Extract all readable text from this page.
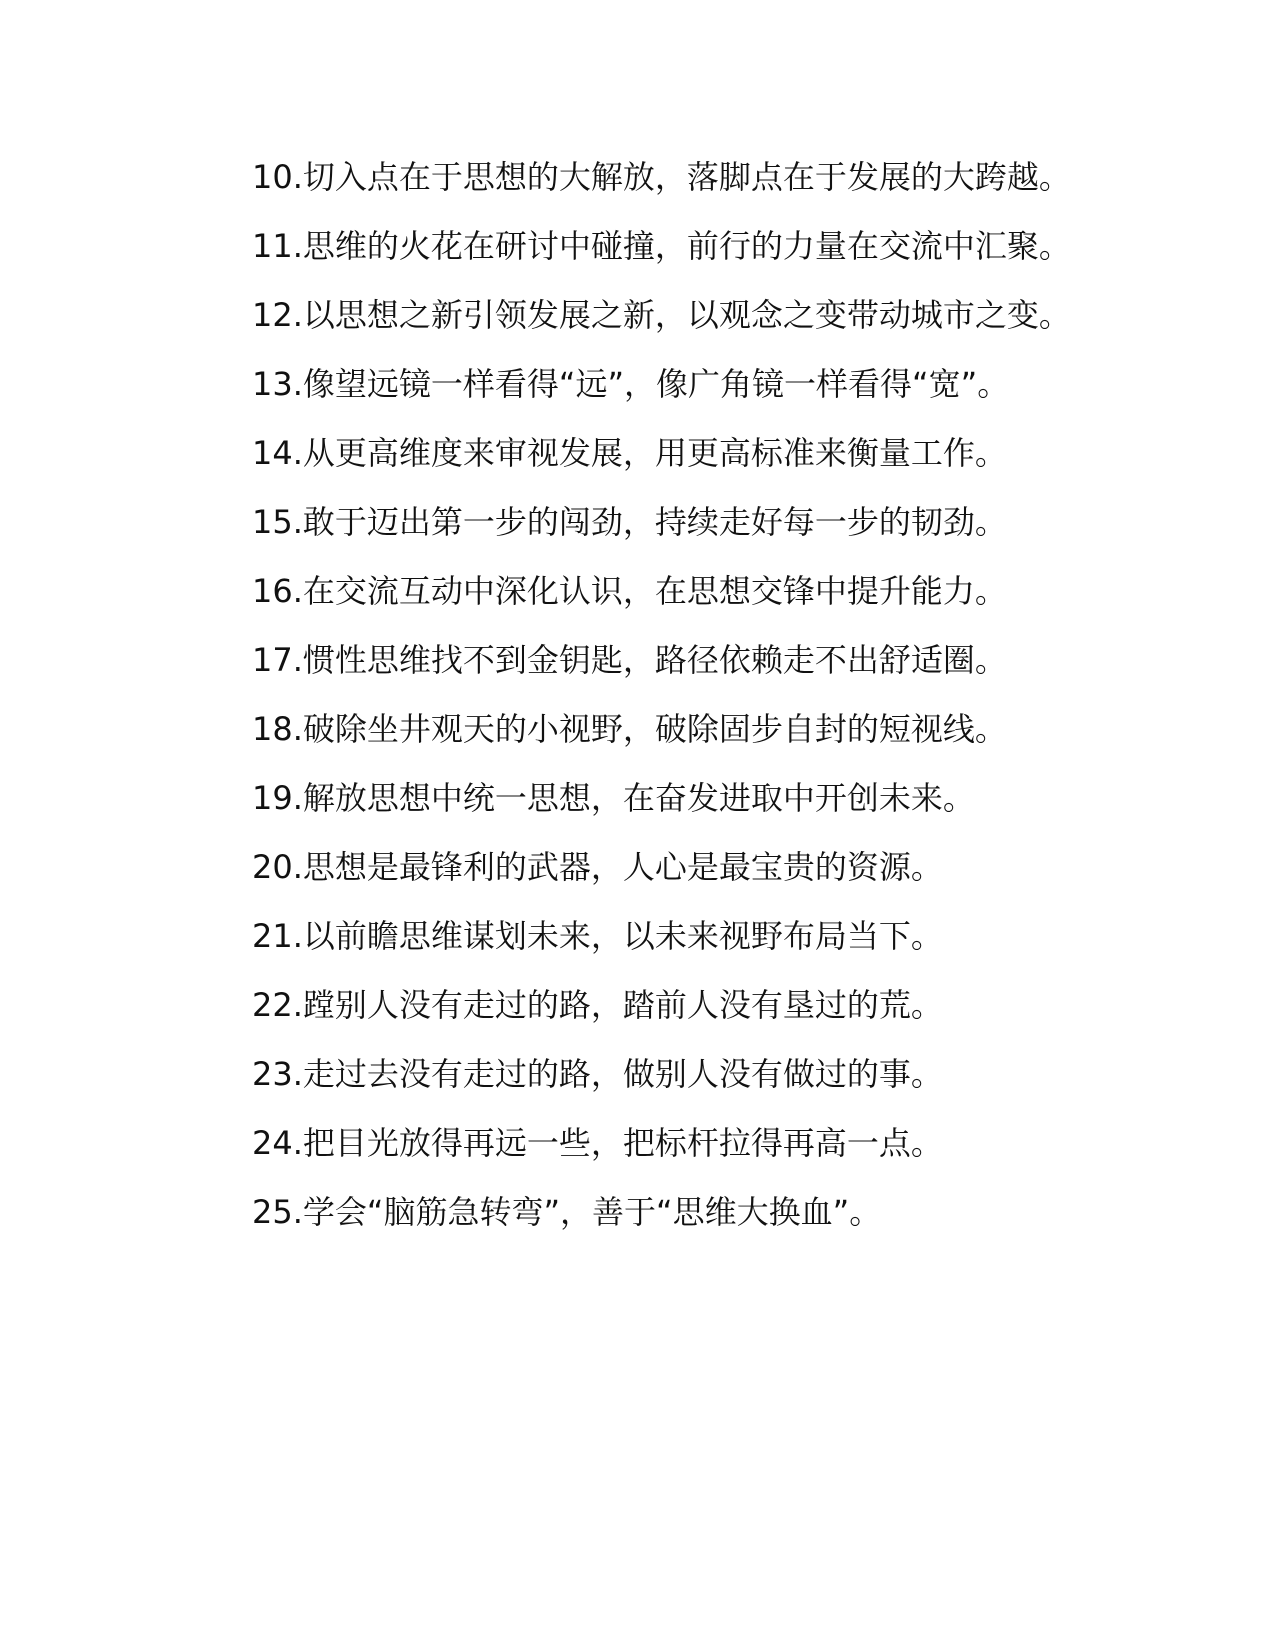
10.切入点在于思想的大解放，落脚点在于发展的大跨越。

11.思维的火花在研讨中碰撞，前行的力量在交流中汇聚。

12.以思想之新引领发展之新，以观念之变带动城市之变。

13.像望远镜一样看得“远”，像广角镜一样看得“宽”。

14.从更高维度来审视发展，用更高标准来衡量工作。

15.敢于迈出第一步的闯劲，持续走好每一步的韧劲。

16.在交流互动中深化认识，在思想交锋中提升能力。

17.惯性思维找不到金钥匙，路径依赖走不出舒适圈。

18.破除坐井观天的小视野，破除固步自封的短视线。

19.解放思想中统一思想，在奋发进取中开创未来。

20.思想是最锋利的武器，人心是最宝贵的资源。

21.以前瞻思维谋划未来，以未来视野布局当下。

22.蹚别人没有走过的路，踏前人没有垦过的荒。

23.走过去没有走过的路，做别人没有做过的事。

24.把目光放得再远一些，把标杆拉得再高一点。

25.学会“脑筋急转弯”，善于“思维大换血”。
